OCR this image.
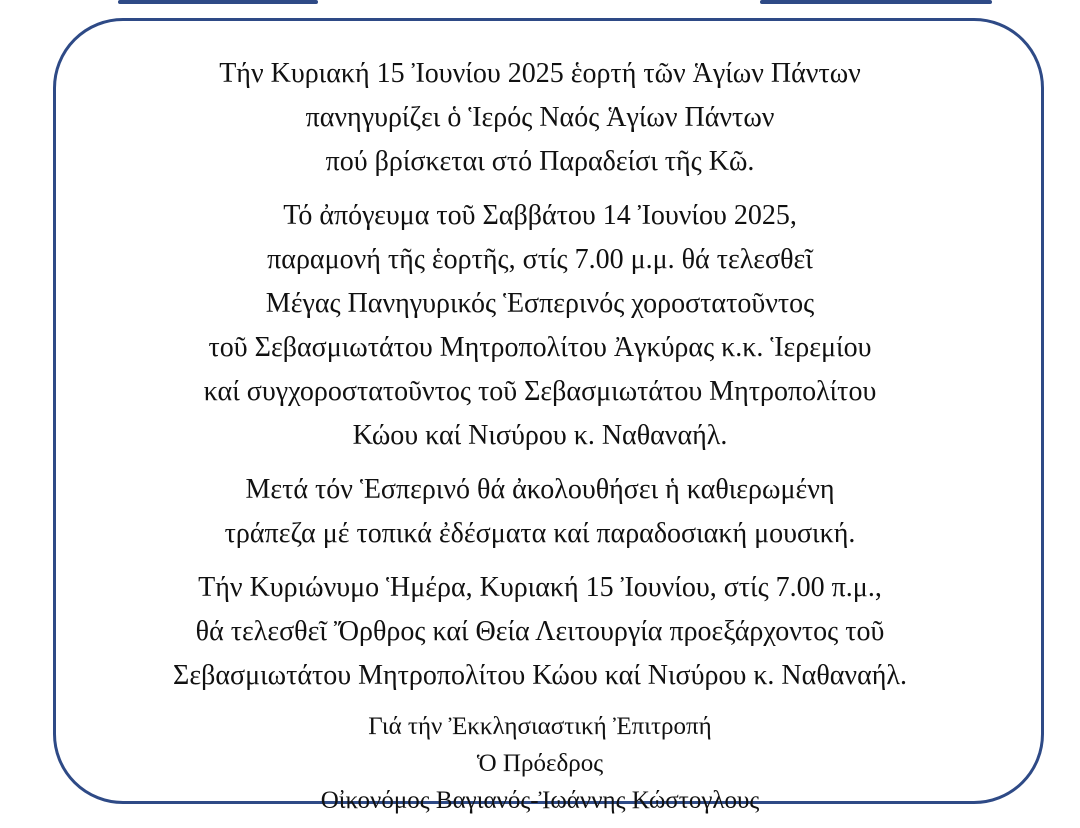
Τήν Κυριακή 15 Ἰουνίου 2025 ἑορτή τῶν Ἁγίων Πάντων
πανηγυρίζει ὁ Ἱερός Ναός Ἁγίων Πάντων
πού βρίσκεται στό Παραδείσι τῆς Κῶ.

Τό ἀπόγευμα τοῦ Σαββάτου 14 Ἰουνίου 2025,
παραμονή τῆς ἑορτῆς, στίς 7.00 μ.μ. θά τελεσθεῖ
Μέγας Πανηγυρικός Ἑσπερινός χοροστατοῦντος
τοῦ Σεβασμιωτάτου Μητροπολίτου Ἀγκύρας κ.κ. Ἱερεμίου
καί συγχοροστατοῦντος τοῦ Σεβασμιωτάτου Μητροπολίτου
Κώου καί Νισύρου κ. Ναθαναήλ.

Μετά τόν Ἑσπερινό θά ἀκολουθήσει ἡ καθιερωμένη
τράπεζα μέ τοπικά ἐδέσματα καί παραδοσιακή μουσική.

Τήν Κυριώνυμο Ἡμέρα, Κυριακή 15 Ἰουνίου, στίς 7.00 π.μ.,
θά τελεσθεῖ Ὄρθρος καί Θεία Λειτουργία προεξάρχοντος τοῦ
Σεβασμιωτάτου Μητροπολίτου Κώου καί Νισύρου κ. Ναθαναήλ.

Γιά τήν Ἐκκλησιαστική Ἐπιτροπή
Ὁ Πρόεδρος
Οἰκονόμος Βαγιανός-Ἰωάννης Κώστογλους
